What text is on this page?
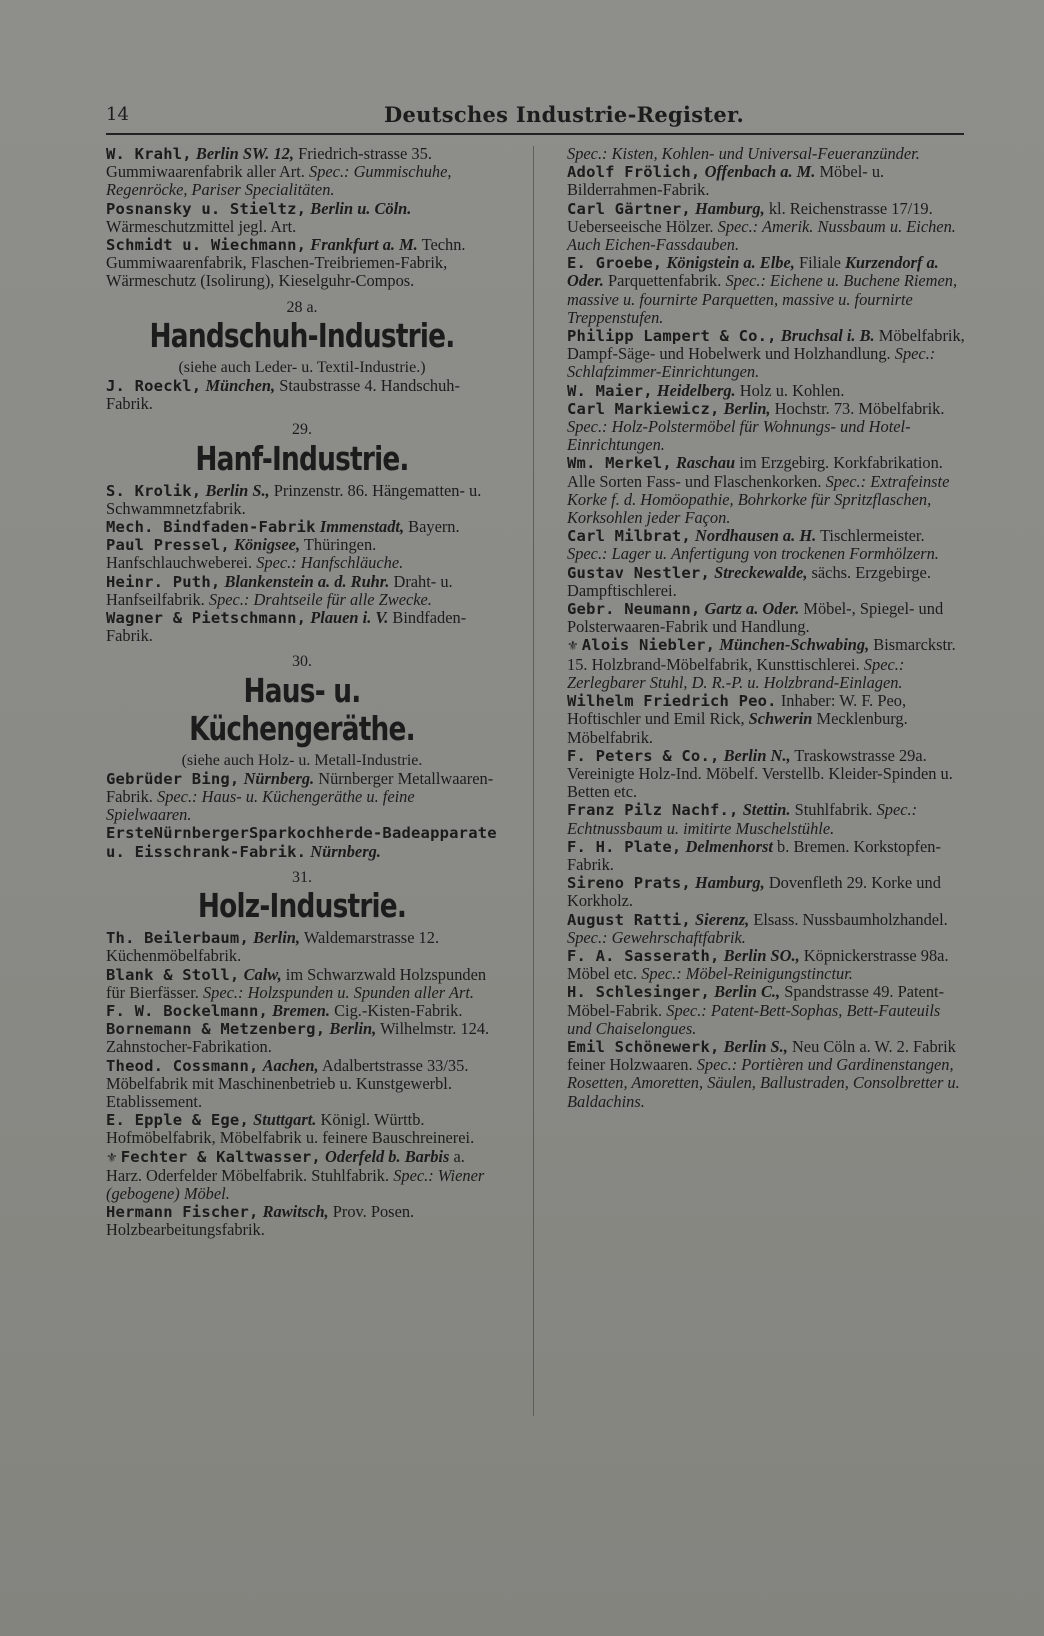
14	Deutsches Industrie-Register.

W. Krahl, Berlin SW. 12, Friedrich-strasse 35. Gummiwaarenfabrik aller Art. Spec.: Gummischuhe, Regenröcke, Pariser Specialitäten.

Posnansky u. Stieltz, Berlin u. Cöln. Wärmeschutzmittel jegl. Art.

Schmidt u. Wiechmann, Frankfurt a. M. Techn. Gummiwaarenfabrik, Flaschen-Treibriemen-Fabrik, Wärmeschutz (Isolirung), Kieselguhr-Compos.

28 a.
Handschuh-Industrie.
(siehe auch Leder- u. Textil-Industrie.)

J. Roeckl, München, Staubstrasse 4. Handschuh-Fabrik.

29.
Hanf-Industrie.

S. Krolik, Berlin S., Prinzenstr. 86. Hängematten- u. Schwammnetzfabrik.

Mech. Bindfaden-Fabrik Immenstadt, Bayern.

Paul Pressel, Königsee, Thüringen. Hanfschlauchweberei. Spec.: Hanfschläuche.

Heinr. Puth, Blankenstein a. d. Ruhr. Draht- u. Hanfseilfabrik. Spec.: Drahtseile für alle Zwecke.

Wagner & Pietschmann, Plauen i. V. Bindfaden-Fabrik.

30.
Haus- u. Küchengeräthe.
(siehe auch Holz- u. Metall-Industrie.

Gebrüder Bing, Nürnberg. Nürnberger Metallwaaren-Fabrik. Spec.: Haus- u. Küchengeräthe u. feine Spielwaaren.

ErsteNürnbergerSparkochherde-Badeapparate u. Eisschrank-Fabrik. Nürnberg.

31.
Holz-Industrie.

Th. Beilerbaum, Berlin, Waldemarstrasse 12. Küchenmöbelfabrik.

Blank & Stoll, Calw, im Schwarzwald Holzspunden für Bierfässer. Spec.: Holzspunden u. Spunden aller Art.

F. W. Bockelmann, Bremen. Cig.-Kisten-Fabrik.

Bornemann & Metzenberg, Berlin, Wilhelmstr. 124. Zahnstocher-Fabrikation.

Theod. Cossmann, Aachen, Adalbertstrasse 33/35. Möbelfabrik mit Maschinenbetrieb u. Kunstgewerbl. Etablissement.

E. Epple & Ege, Stuttgart. Königl. Württb. Hofmöbelfabrik, Möbelfabrik u. feinere Bauschreinerei.

⚜ Fechter & Kaltwasser, Oderfeld b. Barbis a. Harz. Oderfelder Möbelfabrik. Stuhlfabrik. Spec.: Wiener (gebogene) Möbel.

Hermann Fischer, Rawitsch, Prov. Posen. Holzbearbeitungsfabrik.

Spec.: Kisten, Kohlen- und Universal-Feueranzünder.

Adolf Frölich, Offenbach a. M. Möbel- u. Bilderrahmen-Fabrik.

Carl Gärtner, Hamburg, kl. Reichenstrasse 17/19. Ueberseeische Hölzer. Spec.: Amerik. Nussbaum u. Eichen. Auch Eichen-Fassdauben.

E. Groebe, Königstein a. Elbe, Filiale Kurzendorf a. Oder. Parquettenfabrik. Spec.: Eichene u. Buchene Riemen, massive u. fournirte Parquetten, massive u. fournirte Treppenstufen.

Philipp Lampert & Co., Bruchsal i. B. Möbelfabrik, Dampf-Säge- und Hobelwerk und Holzhandlung. Spec.: Schlafzimmer-Einrichtungen.

W. Maier, Heidelberg. Holz u. Kohlen.

Carl Markiewicz, Berlin, Hochstr. 73. Möbelfabrik. Spec.: Holz-Polstermöbel für Wohnungs- und Hotel-Einrichtungen.

Wm. Merkel, Raschau im Erzgebirg. Korkfabrikation. Alle Sorten Fass- und Flaschenkorken. Spec.: Extrafeinste Korke f. d. Homöopathie, Bohrkorke für Spritzflaschen, Korksohlen jeder Façon.

Carl Milbrat, Nordhausen a. H. Tischlermeister. Spec.: Lager u. Anfertigung von trockenen Formhölzern.

Gustav Nestler, Streckewalde, sächs. Erzgebirge. Dampftischlerei.

Gebr. Neumann, Gartz a. Oder. Möbel-, Spiegel- und Polsterwaaren-Fabrik und Handlung.

⚜ Alois Niebler, München-Schwabing, Bismarckstr. 15. Holzbrand-Möbelfabrik, Kunsttischlerei. Spec.: Zerlegbarer Stuhl, D. R.-P. u. Holzbrand-Einlagen.

Wilhelm Friedrich Peo. Inhaber: W. F. Peo, Hoftischler und Emil Rick, Schwerin Mecklenburg. Möbelfabrik.

F. Peters & Co., Berlin N., Traskowstrasse 29a. Vereinigte Holz-Ind. Möbelf. Verstellb. Kleider-Spinden u. Betten etc.

Franz Pilz Nachf., Stettin. Stuhlfabrik. Spec.: Echtnussbaum u. imitirte Muschelstühle.

F. H. Plate, Delmenhorst b. Bremen. Korkstopfen-Fabrik.

Sireno Prats, Hamburg, Dovenfleth 29. Korke und Korkholz.

August Ratti, Sierenz, Elsass. Nussbaumholzhandel. Spec.: Gewehrschaftfabrik.

F. A. Sasserath, Berlin SO., Köpnickerstrasse 98a. Möbel etc. Spec.: Möbel-Reinigungstinctur.

H. Schlesinger, Berlin C., Spandstrasse 49. Patent-Möbel-Fabrik. Spec.: Patent-Bett-Sophas, Bett-Fauteuils und Chaiselongues.

Emil Schönewerk, Berlin S., Neu Cöln a. W. 2. Fabrik feiner Holzwaaren. Spec.: Portièren und Gardinenstangen, Rosetten, Amoretten, Säulen, Ballustraden, Consolbretter u. Baldachins.
